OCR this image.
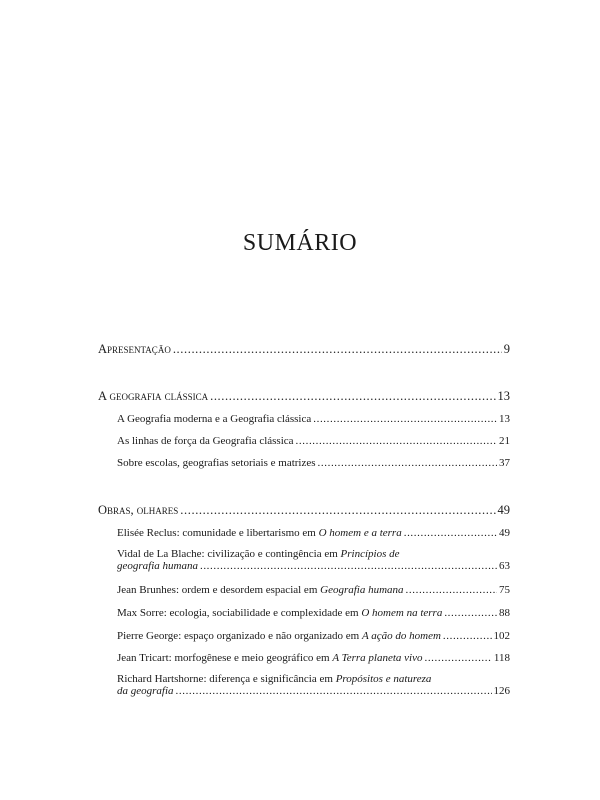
SUMÁRIO
Apresentação .....	9
A geografia clássica .....	13
A Geografia moderna e a Geografia clássica .....	13
As linhas de força da Geografia clássica .....	21
Sobre escolas, geografias setoriais e matrizes .....	37
Obras, olhares .....	49
Elisée Reclus: comunidade e libertarismo em O homem e a terra .....	49
Vidal de La Blache: civilização e contingência em Princípios de
geografia humana .....	63
Jean Brunhes: ordem e desordem espacial em Geografia humana .....	75
Max Sorre: ecologia, sociabilidade e complexidade em O homem na terra .....	88
Pierre George: espaço organizado e não organizado em A ação do homem .....	102
Jean Tricart: morfogênese e meio geográfico em A Terra planeta vivo .....	118
Richard Hartshorne: diferença e significância em Propósitos e natureza
da geografia .....	126
